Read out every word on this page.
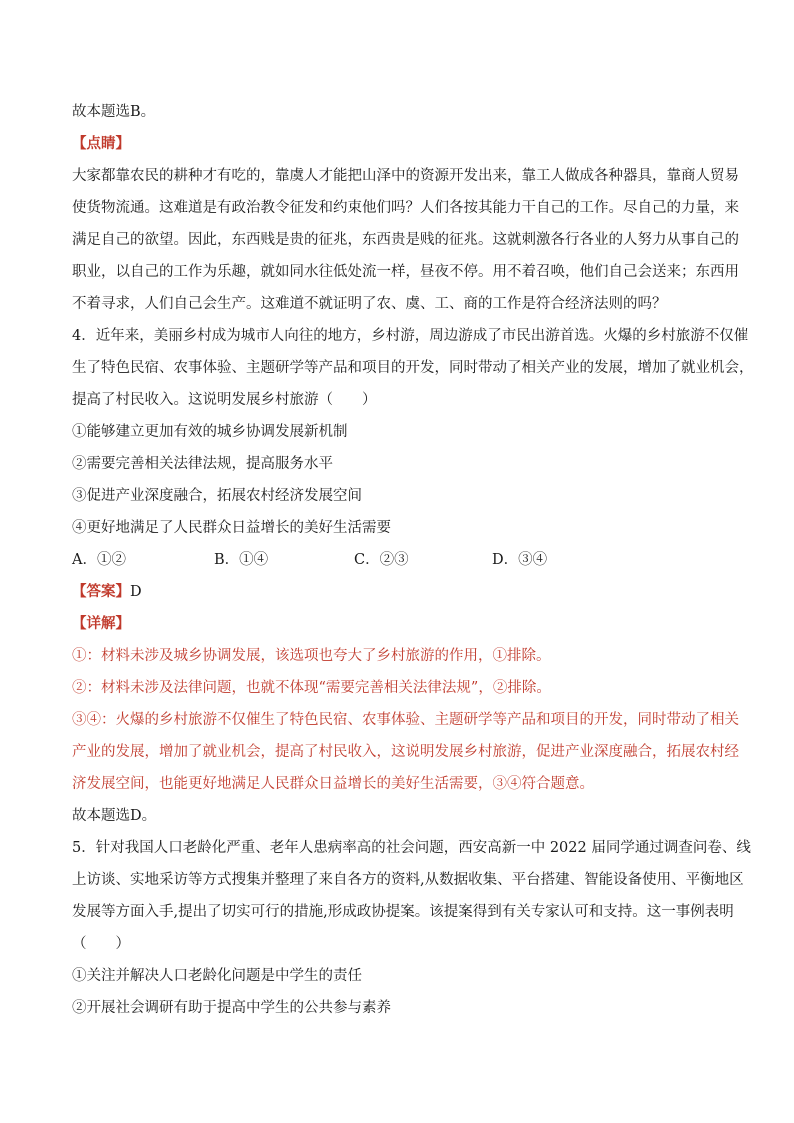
故本题选B。
【点睛】
大家都靠农民的耕种才有吃的，靠虞人才能把山泽中的资源开发出来，靠工人做成各种器具，靠商人贸易
使货物流通。这难道是有政治教令征发和约束他们吗？人们各按其能力干自己的工作。尽自己的力量，来
满足自己的欲望。因此，东西贱是贵的征兆，东西贵是贱的征兆。这就刺激各行各业的人努力从事自己的
职业，以自己的工作为乐趣，就如同水往低处流一样，昼夜不停。用不着召唤，他们自己会送来；东西用
不着寻求，人们自己会生产。这难道不就证明了农、虞、工、商的工作是符合经济法则的吗？
4．近年来，美丽乡村成为城市人向往的地方，乡村游，周边游成了市民出游首选。火爆的乡村旅游不仅催
生了特色民宿、农事体验、主题研学等产品和项目的开发，同时带动了相关产业的发展，增加了就业机会，
提高了村民收入。这说明发展乡村旅游（　　）
①能够建立更加有效的城乡协调发展新机制
②需要完善相关法律法规，提高服务水平
③促进产业深度融合，拓展农村经济发展空间
④更好地满足了人民群众日益增长的美好生活需要
A．①②	B．①④	C．②③	D．③④
【答案】D
【详解】
①：材料未涉及城乡协调发展，该选项也夸大了乡村旅游的作用，①排除。
②：材料未涉及法律问题，也就不体现“需要完善相关法律法规”，②排除。
③④：火爆的乡村旅游不仅催生了特色民宿、农事体验、主题研学等产品和项目的开发，同时带动了相关
产业的发展，增加了就业机会，提高了村民收入，这说明发展乡村旅游，促进产业深度融合，拓展农村经
济发展空间，也能更好地满足人民群众日益增长的美好生活需要，③④符合题意。
故本题选D。
5．针对我国人口老龄化严重、老年人患病率高的社会问题，西安高新一中 2022 届同学通过调查问卷、线
上访谈、实地采访等方式搜集并整理了来自各方的资料,从数据收集、平台搭建、智能设备使用、平衡地区
发展等方面入手,提出了切实可行的措施,形成政协提案。该提案得到有关专家认可和支持。这一事例表明
（　　）
①关注并解决人口老龄化问题是中学生的责任
②开展社会调研有助于提高中学生的公共参与素养
